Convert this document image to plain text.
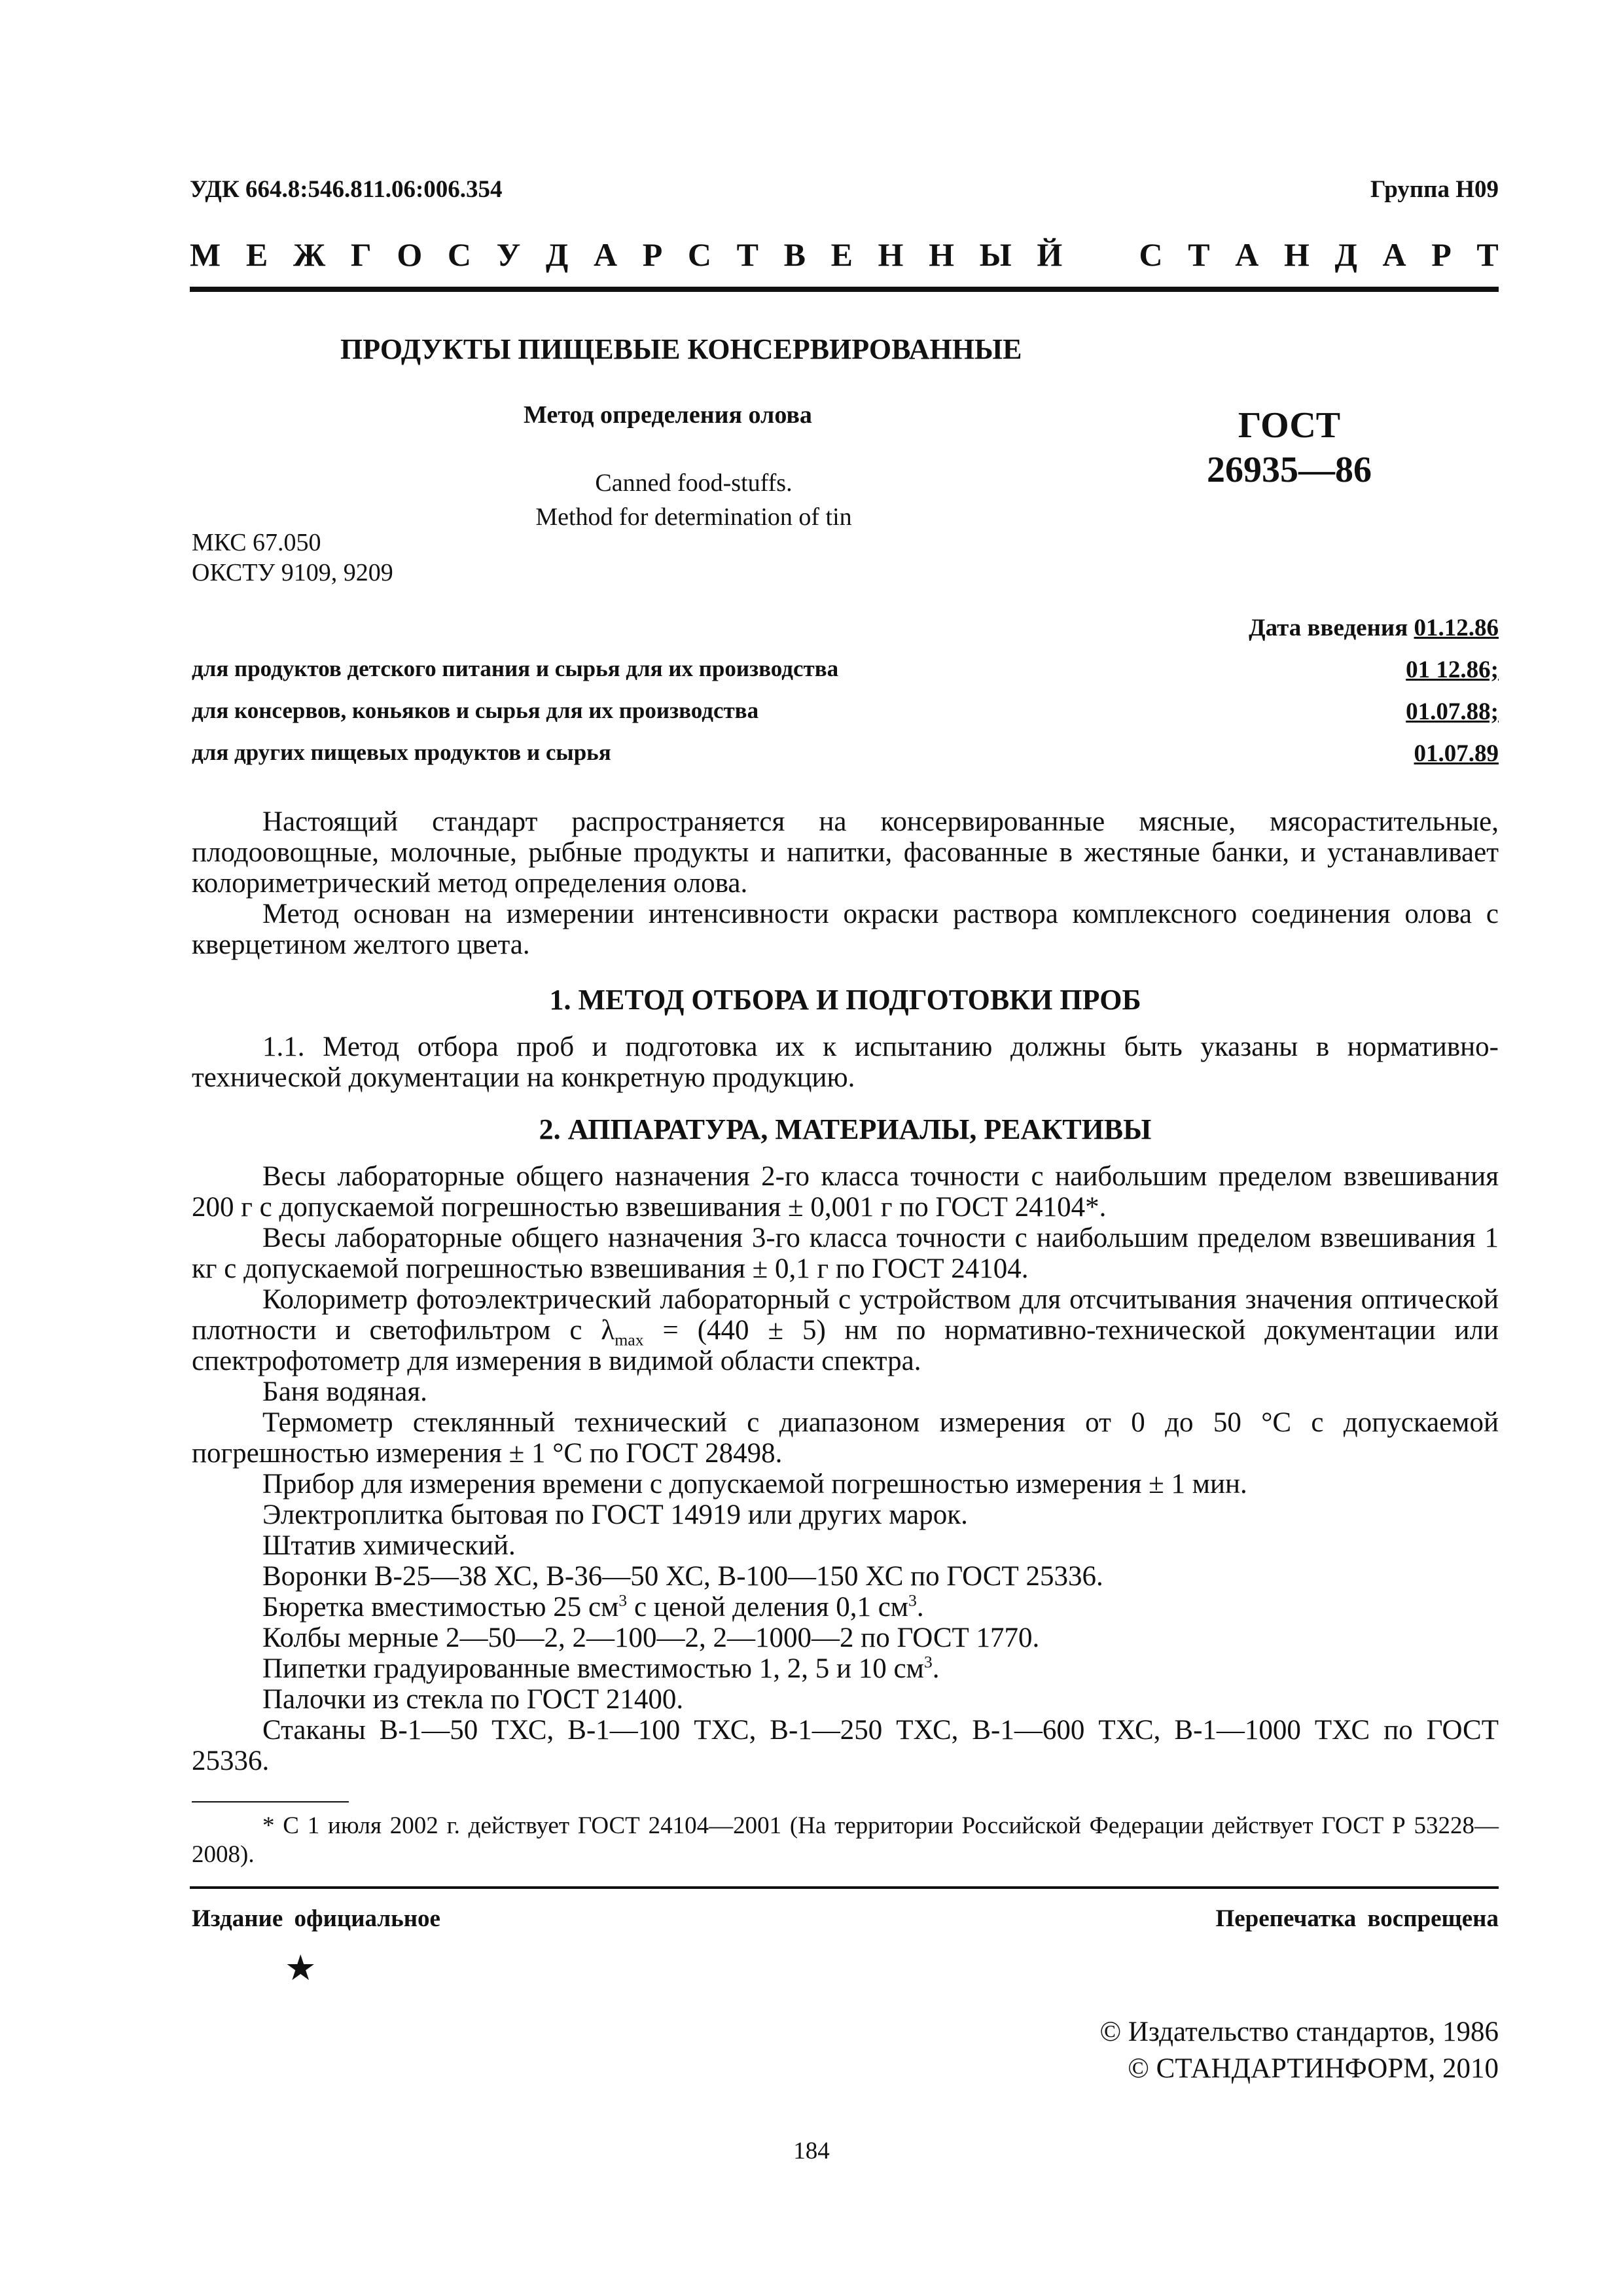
УДК 664.8:546.811.06:006.354	Группа Н09
М Е Ж Г О С У Д А Р С Т В Е Н Н Ы Й С Т А Н Д А Р Т
ПРОДУКТЫ ПИЩЕВЫЕ КОНСЕРВИРОВАННЫЕ
Метод определения олова
Canned food-stuffs.
Method for determination of tin
ГОСТ
26935—86
МКС 67.050
ОКСТУ 9109, 9209
Дата введения 01.12.86
для продуктов детского питания и сырья для их производства	01 12.86;
для консервов, коньяков и сырья для их производства	01.07.88;
для других пищевых продуктов и сырья	01.07.89

Настоящий стандарт распространяется на консервированные мясные, мясорастительные, плодоовощные, молочные, рыбные продукты и напитки, фасованные в жестяные банки, и устанавливает колориметрический метод определения олова.

Метод основан на измерении интенсивности окраски раствора комплексного соединения олова с кверцетином желтого цвета.

1. МЕТОД ОТБОРА И ПОДГОТОВКИ ПРОБ

1.1. Метод отбора проб и подготовка их к испытанию должны быть указаны в нормативно-технической документации на конкретную продукцию.

2. АППАРАТУРА, МАТЕРИАЛЫ, РЕАКТИВЫ

Весы лабораторные общего назначения 2-го класса точности с наибольшим пределом взвешивания 200 г с допускаемой погрешностью взвешивания ± 0,001 г по ГОСТ 24104*.

Весы лабораторные общего назначения 3-го класса точности с наибольшим пределом взвешивания 1 кг с допускаемой погрешностью взвешивания ± 0,1 г по ГОСТ 24104.

Колориметр фотоэлектрический лабораторный с устройством для отсчитывания значения оптической плотности и светофильтром с $\lambda_{max} = (440 \pm 5)$ нм по нормативно-технической документации или спектрофотометр для измерения в видимой области спектра.

Баня водяная.

Термометр стеклянный технический с диапазоном измерения от 0 до 50 °С с допускаемой погрешностью измерения ± 1 °С по ГОСТ 28498.

Прибор для измерения времени с допускаемой погрешностью измерения ± 1 мин.

Электроплитка бытовая по ГОСТ 14919 или других марок.

Штатив химический.

Воронки В-25—38 ХС, В-36—50 ХС, В-100—150 ХС по ГОСТ 25336.

Бюретка вместимостью 25 $см^3$ с ценой деления 0,1 $см^3$.

Колбы мерные 2—50—2, 2—100—2, 2—1000—2 по ГОСТ 1770.

Пипетки градуированные вместимостью 1, 2, 5 и 10 $см^3$.

Палочки из стекла по ГОСТ 21400.

Стаканы В-1—50 ТХС, В-1—100 ТХС, В-1—250 ТХС, В-1—600 ТХС, В-1—1000 ТХС по ГОСТ 25336.

* С 1 июля 2002 г. действует ГОСТ 24104—2001 (На территории Российской Федерации действует ГОСТ Р 53228—2008).
Издание официальное	Перепечатка воспрещена
★
© Издательство стандартов, 1986
© СТАНДАРТИНФОРМ, 2010
184
